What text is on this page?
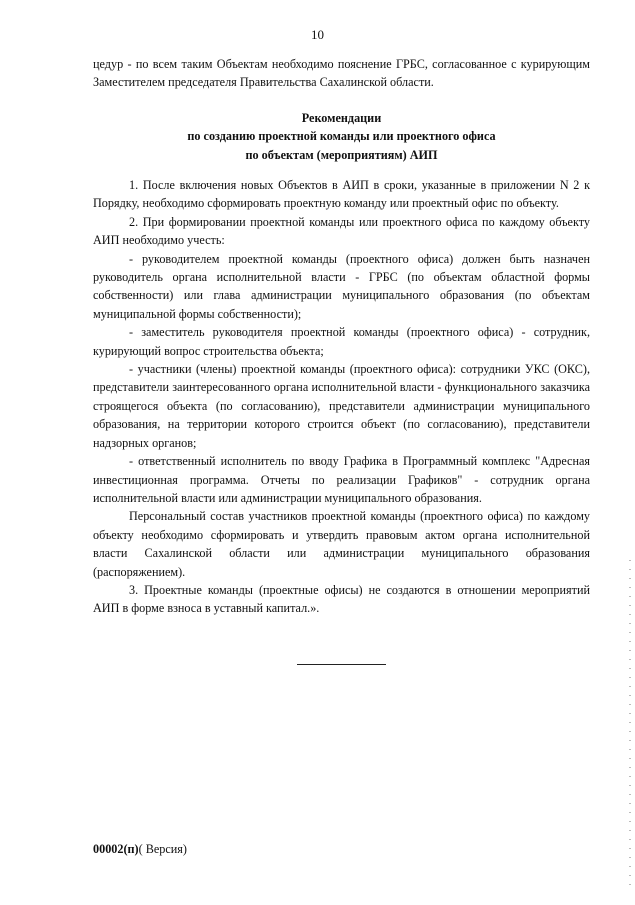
10
цедур - по всем таким Объектам необходимо пояснение ГРБС, согласованное с курирующим Заместителем председателя Правительства Сахалинской области.
Рекомендации
по созданию проектной команды или проектного офиса
по объектам (мероприятиям) АИП

1. После включения новых Объектов в АИП в сроки, указанные в приложении N 2 к Порядку, необходимо сформировать проектную команду или проектный офис по объекту.

2. При формировании проектной команды или проектного офиса по каждому объекту АИП необходимо учесть:

- руководителем проектной команды (проектного офиса) должен быть назначен руководитель органа исполнительной власти - ГРБС (по объектам областной формы собственности) или глава администрации муниципального образования (по объектам муниципальной формы собственности);

- заместитель руководителя проектной команды (проектного офиса) - сотрудник, курирующий вопрос строительства объекта;

- участники (члены) проектной команды (проектного офиса): сотрудники УКС (ОКС), представители заинтересованного органа исполнительной власти - функционального заказчика строящегося объекта (по согласованию), представители администрации муниципального образования, на территории которого строится объект (по согласованию), представители надзорных органов;

- ответственный исполнитель по вводу Графика в Программный комплекс "Адресная инвестиционная программа. Отчеты по реализации Графиков" - сотрудник органа исполнительной власти или администрации муниципального образования.

Персональный состав участников проектной команды (проектного офиса) по каждому объекту необходимо сформировать и утвердить правовым актом органа исполнительной власти Сахалинской области или администрации муниципального образования (распоряжением).

3. Проектные команды (проектные офисы) не создаются в отношении мероприятий АИП в форме взноса в уставный капитал.».

00002(п)( Версия)
